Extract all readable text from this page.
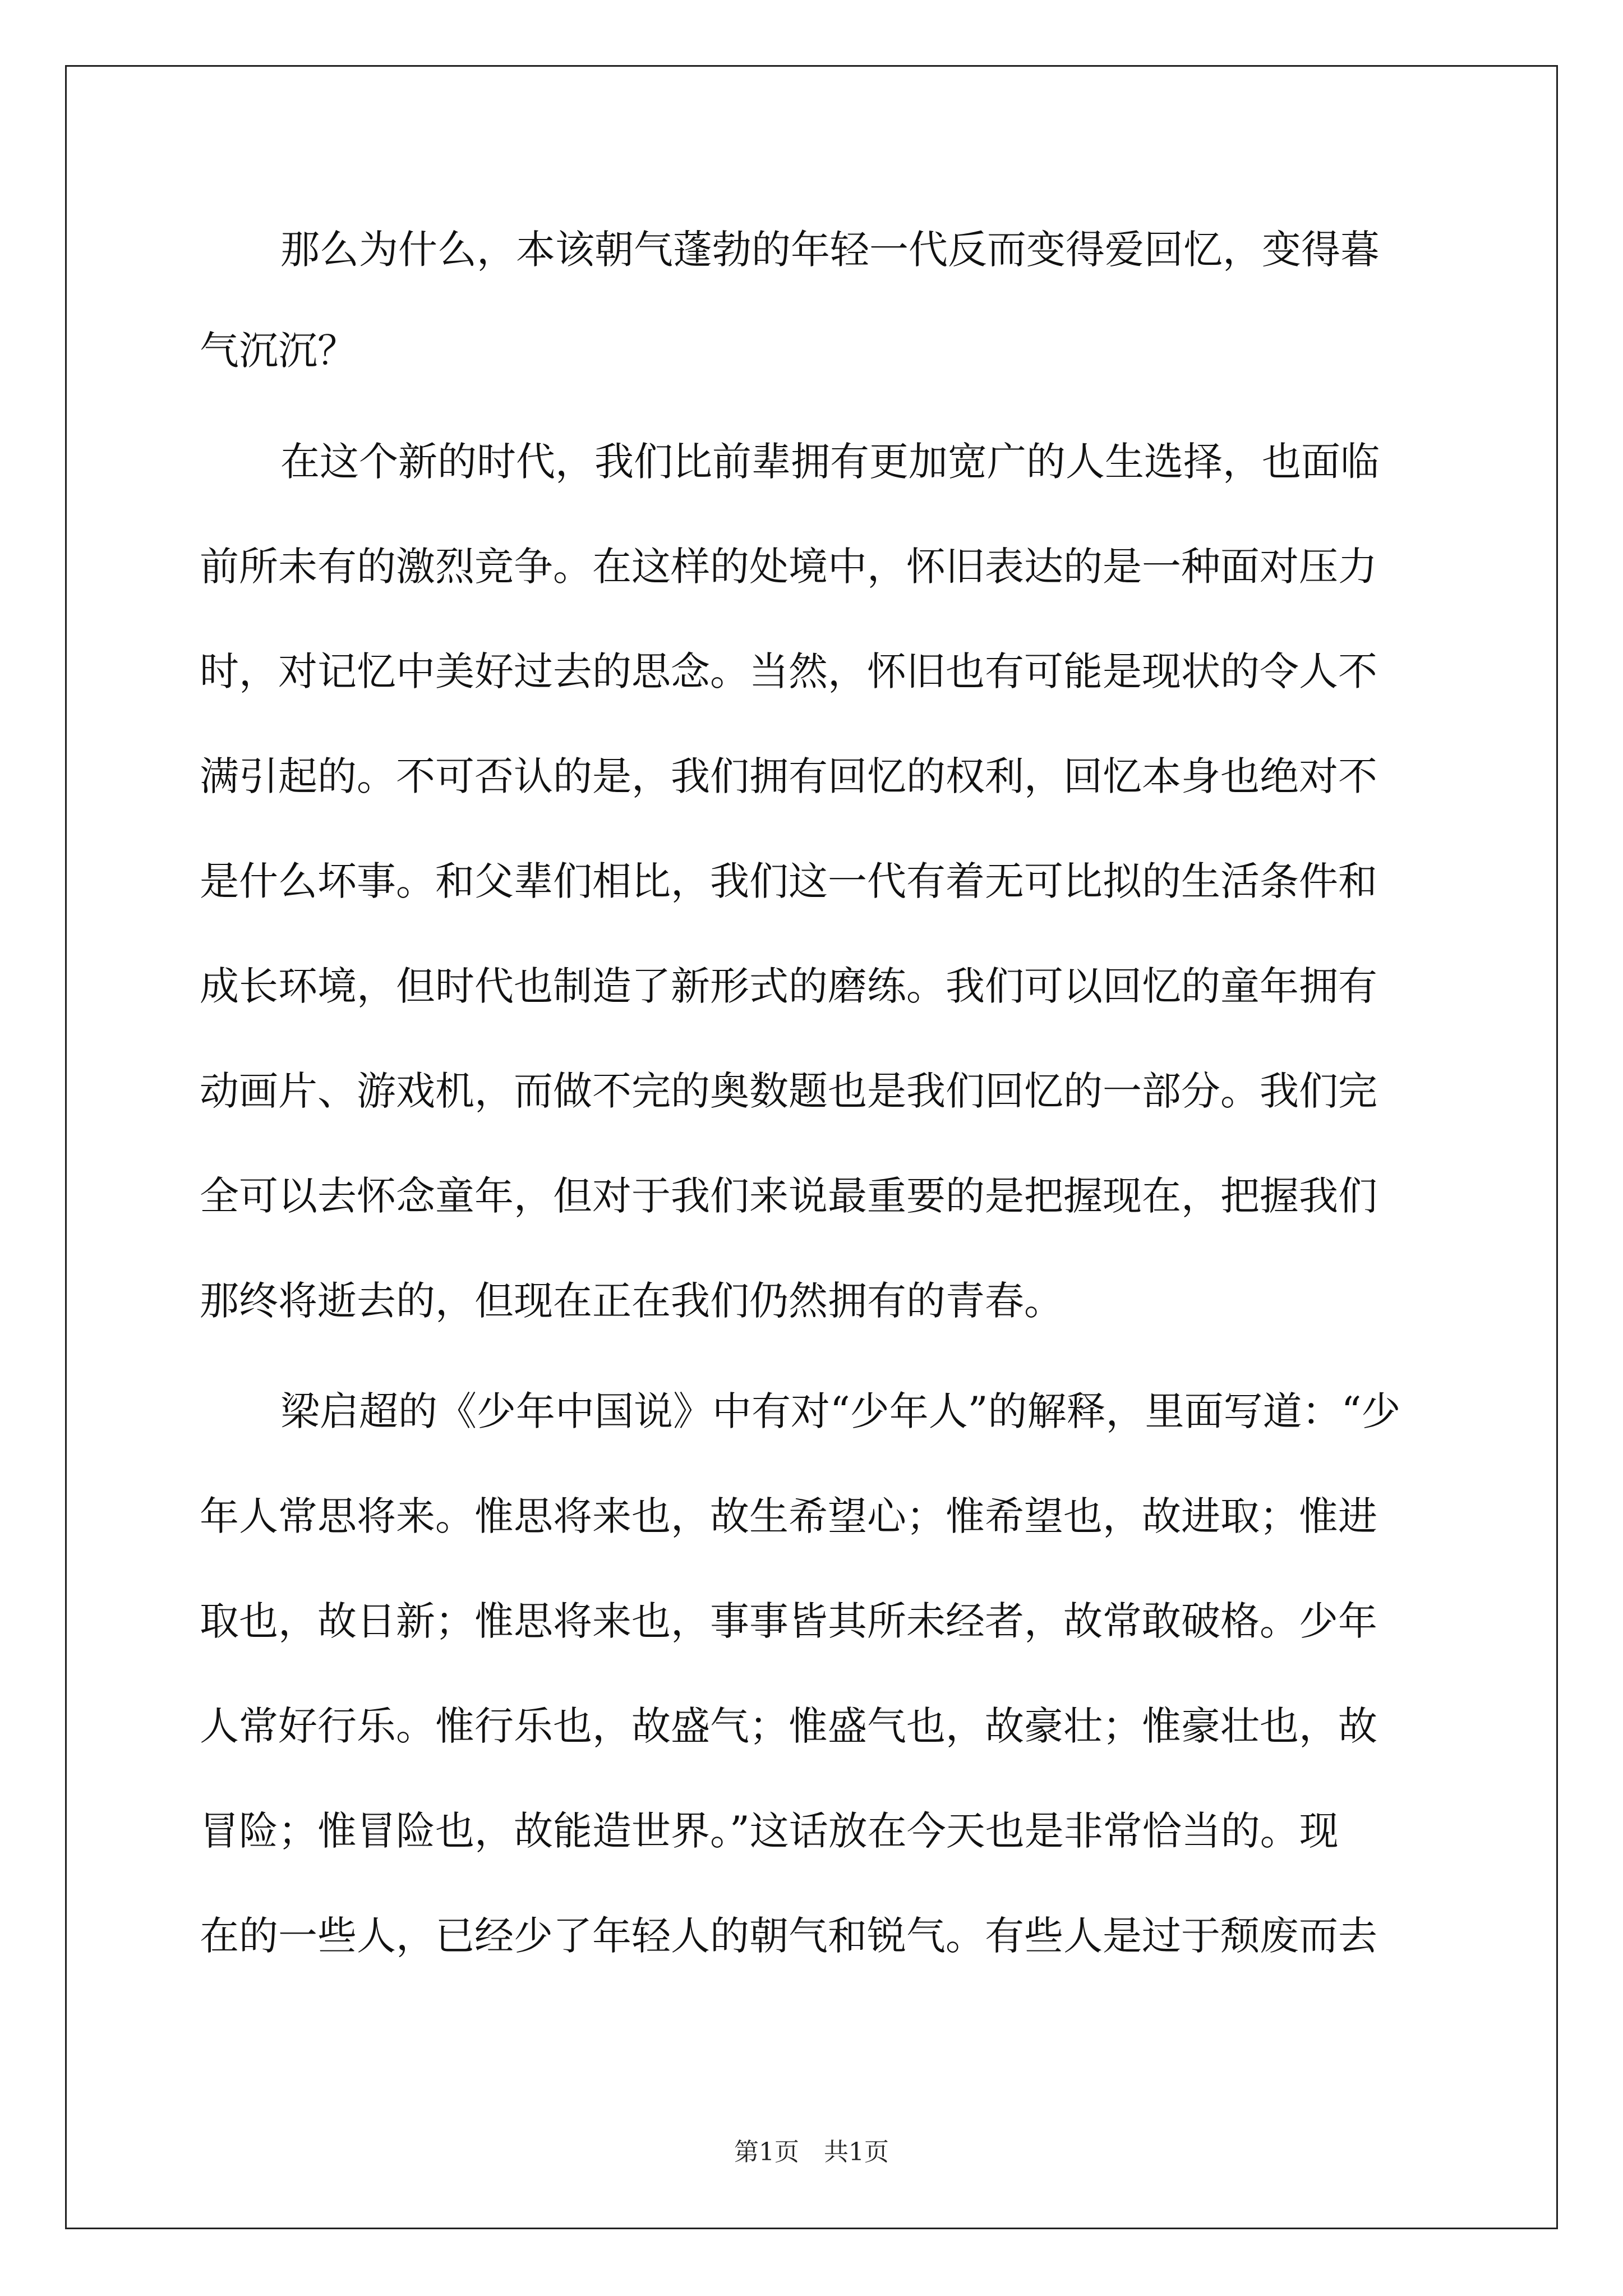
那么为什么，本该朝气蓬勃的年轻一代反而变得爱回忆，变得暮
气沉沉？
在这个新的时代，我们比前辈拥有更加宽广的人生选择，也面临
前所未有的激烈竞争。在这样的处境中，怀旧表达的是一种面对压力
时，对记忆中美好过去的思念。当然，怀旧也有可能是现状的令人不
满引起的。不可否认的是，我们拥有回忆的权利，回忆本身也绝对不
是什么坏事。和父辈们相比，我们这一代有着无可比拟的生活条件和
成长环境，但时代也制造了新形式的磨练。我们可以回忆的童年拥有
动画片、游戏机，而做不完的奥数题也是我们回忆的一部分。我们完
全可以去怀念童年，但对于我们来说最重要的是把握现在，把握我们
那终将逝去的，但现在正在我们仍然拥有的青春。
梁启超的《少年中国说》中有对“少年人”的解释，里面写道：“少
年人常思将来。惟思将来也，故生希望心；惟希望也，故进取；惟进
取也，故日新；惟思将来也，事事皆其所未经者，故常敢破格。少年
人常好行乐。惟行乐也，故盛气；惟盛气也，故豪壮；惟豪壮也，故
冒险；惟冒险也，故能造世界。”这话放在今天也是非常恰当的。现
在的一些人，已经少了年轻人的朝气和锐气。有些人是过于颓废而去
第1页　共1页
